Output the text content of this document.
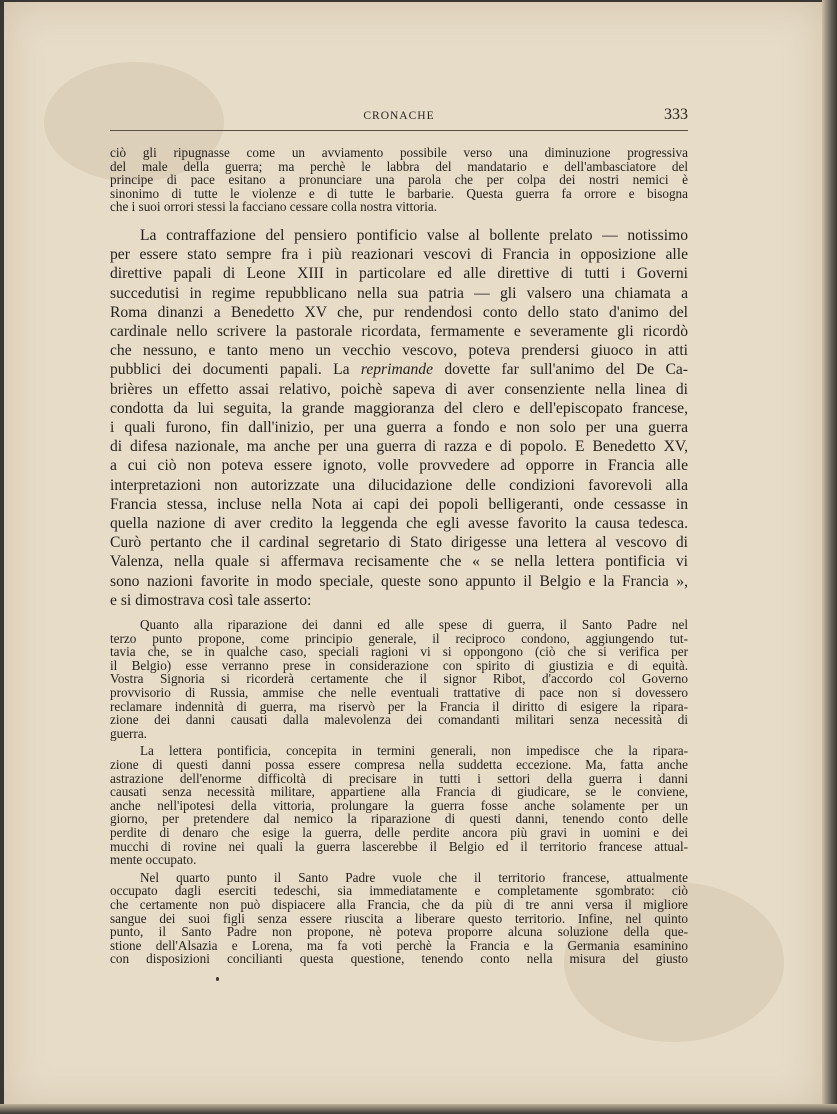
CRONACHE	333

ciò gli ripugnasse come un avviamento possibile verso una diminuzione progressiva
del male della guerra; ma perchè le labbra del mandatario e dell'ambasciatore del
principe di pace esitano a pronunciare una parola che per colpa dei nostri nemici è
sinonimo di tutte le violenze e di tutte le barbarie. Questa guerra fa orrore e bisogna
che i suoi orrori stessi la facciano cessare colla nostra vittoria.

La contraffazione del pensiero pontificio valse al bollente prelato — notissimo
per essere stato sempre fra i più reazionari vescovi di Francia in opposizione alle
direttive papali di Leone XIII in particolare ed alle direttive di tutti i Governi
succedutisi in regime repubblicano nella sua patria — gli valsero una chiamata a
Roma dinanzi a Benedetto XV che, pur rendendosi conto dello stato d'animo del
cardinale nello scrivere la pastorale ricordata, fermamente e severamente gli ricordò
che nessuno, e tanto meno un vecchio vescovo, poteva prendersi giuoco in atti
pubblici dei documenti papali. La reprimande dovette far sull'animo del De Ca-
brières un effetto assai relativo, poichè sapeva di aver consenziente nella linea di
condotta da lui seguita, la grande maggioranza del clero e dell'episcopato francese,
i quali furono, fin dall'inizio, per una guerra a fondo e non solo per una guerra
di difesa nazionale, ma anche per una guerra di razza e di popolo. E Benedetto XV,
a cui ciò non poteva essere ignoto, volle provvedere ad opporre in Francia alle
interpretazioni non autorizzate una dilucidazione delle condizioni favorevoli alla
Francia stessa, incluse nella Nota ai capi dei popoli belligeranti, onde cessasse in
quella nazione di aver credito la leggenda che egli avesse favorito la causa tedesca.
Curò pertanto che il cardinal segretario di Stato dirigesse una lettera al vescovo di
Valenza, nella quale si affermava recisamente che « se nella lettera pontificia vi
sono nazioni favorite in modo speciale, queste sono appunto il Belgio e la Francia »,
e si dimostrava così tale asserto:

Quanto alla riparazione dei danni ed alle spese di guerra, il Santo Padre nel
terzo punto propone, come principio generale, il reciproco condono, aggiungendo tut-
tavia che, se in qualche caso, speciali ragioni vi si oppongono (ciò che si verifica per
il Belgio) esse verranno prese in considerazione con spirito di giustizia e di equità.
Vostra Signoria si ricorderà certamente che il signor Ribot, d'accordo col Governo
provvisorio di Russia, ammise che nelle eventuali trattative di pace non si dovessero
reclamare indennità di guerra, ma riservò per la Francia il diritto di esigere la ripara-
zione dei danni causati dalla malevolenza dei comandanti militari senza necessità di
guerra.

La lettera pontificia, concepita in termini generali, non impedisce che la ripara-
zione di questi danni possa essere compresa nella suddetta eccezione. Ma, fatta anche
astrazione dell'enorme difficoltà di precisare in tutti i settori della guerra i danni
causati senza necessità militare, appartiene alla Francia di giudicare, se le conviene,
anche nell'ipotesi della vittoria, prolungare la guerra fosse anche solamente per un
giorno, per pretendere dal nemico la riparazione di questi danni, tenendo conto delle
perdite di denaro che esige la guerra, delle perdite ancora più gravi in uomini e dei
mucchi di rovine nei quali la guerra lascerebbe il Belgio ed il territorio francese attual-
mente occupato.

Nel quarto punto il Santo Padre vuole che il territorio francese, attualmente
occupato dagli eserciti tedeschi, sia immediatamente e completamente sgombrato: ciò
che certamente non può dispiacere alla Francia, che da più di tre anni versa il migliore
sangue dei suoi figli senza essere riuscita a liberare questo territorio. Infine, nel quinto
punto, il Santo Padre non propone, nè poteva proporre alcuna soluzione della que-
stione dell'Alsazia e Lorena, ma fa voti perchè la Francia e la Germania esaminino
con disposizioni concilianti questa questione, tenendo conto nella misura del giusto
